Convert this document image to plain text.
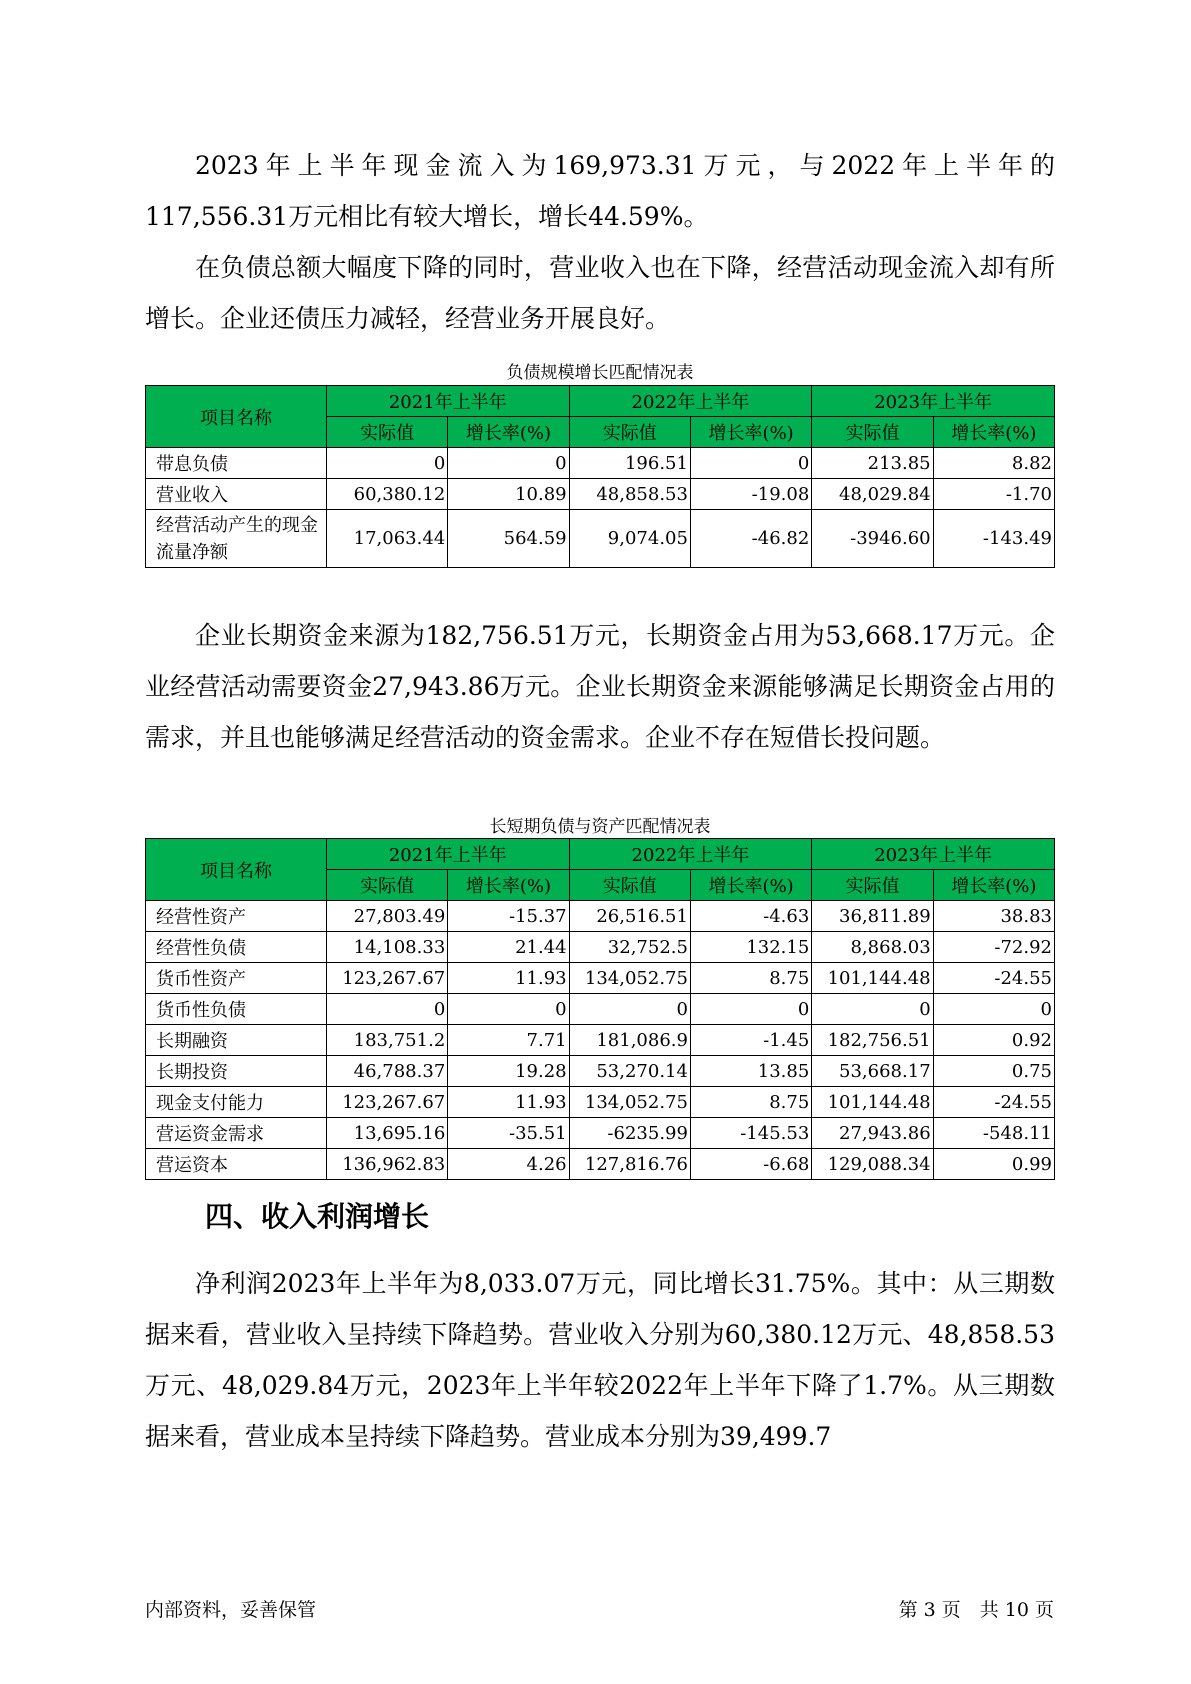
2023年上半年现金流入为169,973.31万元，与2022年上半年的117,556.31万元相比有较大增长，增长44.59%。

在负债总额大幅度下降的同时，营业收入也在下降，经营活动现金流入却有所增长。企业还债压力减轻，经营业务开展良好。

负债规模增长匹配情况表

项目名称	2021年上半年		2022年上半年		2023年上半年	
	实际值	增长率(%)	实际值	增长率(%)	实际值	增长率(%)
带息负债	0	0	196.51	0	213.85	8.82
营业收入	60,380.12	10.89	48,858.53	-19.08	48,029.84	-1.70
经营活动产生的现金流量净额	17,063.44	564.59	9,074.05	-46.82	-3946.60	-143.49

企业长期资金来源为182,756.51万元，长期资金占用为53,668.17万元。企业经营活动需要资金27,943.86万元。企业长期资金来源能够满足长期资金占用的需求，并且也能够满足经营活动的资金需求。企业不存在短借长投问题。

长短期负债与资产匹配情况表

项目名称	2021年上半年		2022年上半年		2023年上半年	
	实际值	增长率(%)	实际值	增长率(%)	实际值	增长率(%)
经营性资产	27,803.49	-15.37	26,516.51	-4.63	36,811.89	38.83
经营性负债	14,108.33	21.44	32,752.5	132.15	8,868.03	-72.92
货币性资产	123,267.67	11.93	134,052.75	8.75	101,144.48	-24.55
货币性负债	0	0	0	0	0	0
长期融资	183,751.2	7.71	181,086.9	-1.45	182,756.51	0.92
长期投资	46,788.37	19.28	53,270.14	13.85	53,668.17	0.75
现金支付能力	123,267.67	11.93	134,052.75	8.75	101,144.48	-24.55
营运资金需求	13,695.16	-35.51	-6235.99	-145.53	27,943.86	-548.11
营运资本	136,962.83	4.26	127,816.76	-6.68	129,088.34	0.99
四、收入利润增长

净利润2023年上半年为8,033.07万元，同比增长31.75%。其中：从三期数据来看，营业收入呈持续下降趋势。营业收入分别为60,380.12万元、48,858.53万元、48,029.84万元，2023年上半年较2022年上半年下降了1.7%。从三期数据来看，营业成本呈持续下降趋势。营业成本分别为39,499.7

内部资料，妥善保管	第 3 页　共 10 页
